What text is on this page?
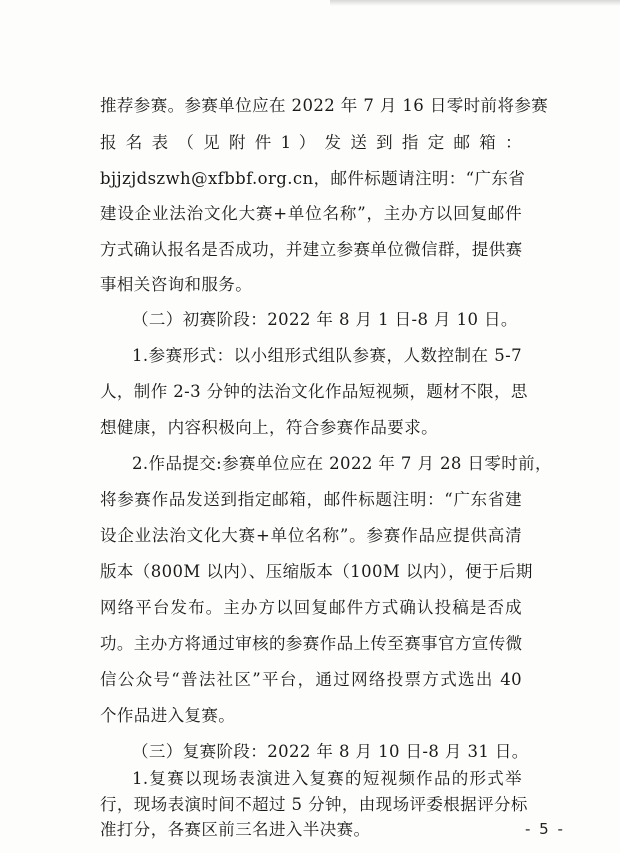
推荐参赛。参赛单位应在 2022 年 7 月 16 日零时前将参赛
报 名 表 （ 见 附 件 1 ） 发 送 到 指 定 邮 箱 ：
bjjzjdszwh@xfbbf.org.cn，邮件标题请注明：“广东省
建设企业法治文化大赛+单位名称”，主办方以回复邮件
方式确认报名是否成功，并建立参赛单位微信群，提供赛
事相关咨询和服务。
（二）初赛阶段：2022 年 8 月 1 日-8 月 10 日。
1.参赛形式：以小组形式组队参赛，人数控制在 5-7
人，制作 2-3 分钟的法治文化作品短视频，题材不限，思
想健康，内容积极向上，符合参赛作品要求。
2.作品提交:参赛单位应在 2022 年 7 月 28 日零时前，
将参赛作品发送到指定邮箱，邮件标题注明：“广东省建
设企业法治文化大赛+单位名称”。参赛作品应提供高清
版本（800M 以内）、压缩版本（100M 以内），便于后期
网络平台发布。主办方以回复邮件方式确认投稿是否成
功。主办方将通过审核的参赛作品上传至赛事官方宣传微
信公众号“普法社区”平台，通过网络投票方式选出 40
个作品进入复赛。
（三）复赛阶段：2022 年 8 月 10 日-8 月 31 日。
1.复赛以现场表演进入复赛的短视频作品的形式举
行，现场表演时间不超过 5 分钟，由现场评委根据评分标
准打分，各赛区前三名进入半决赛。	- 5 -
